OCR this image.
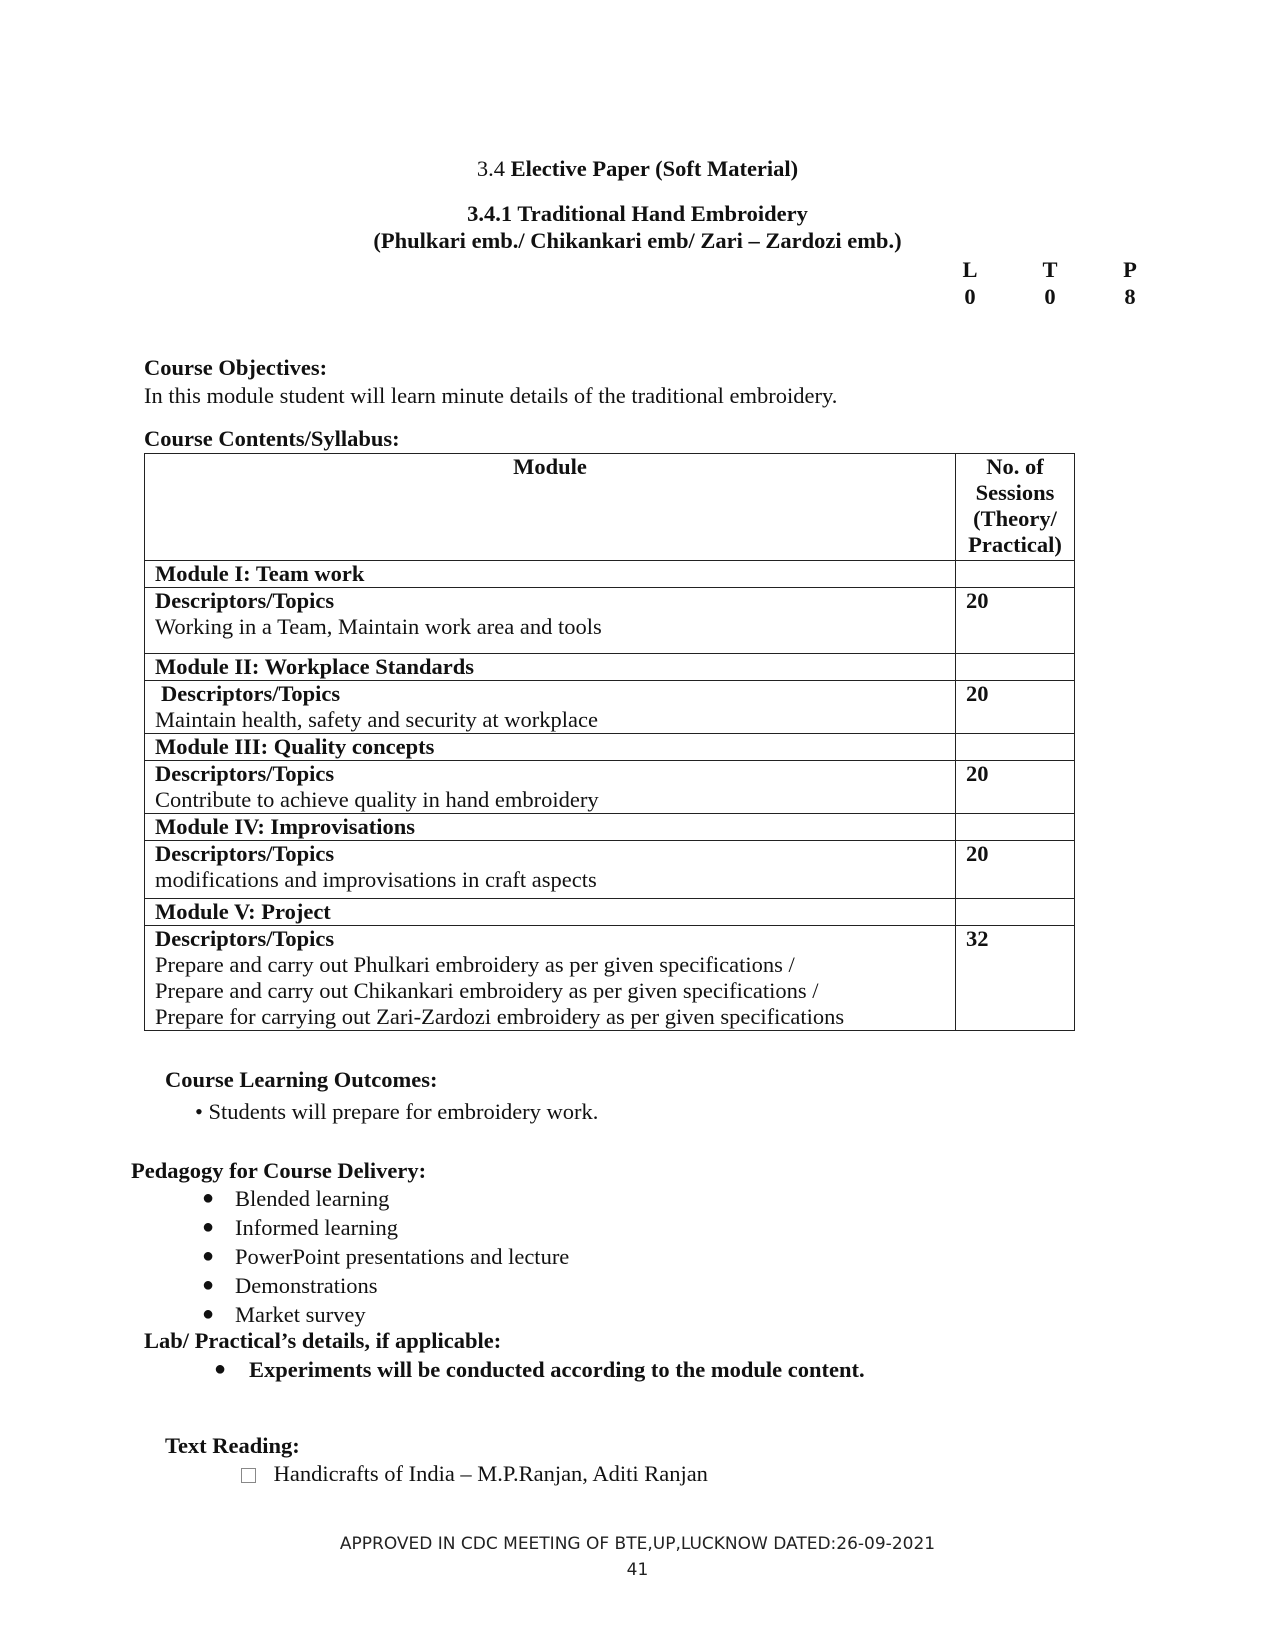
3.4 Elective Paper (Soft Material)
3.4.1 Traditional Hand Embroidery
(Phulkari emb./ Chikankari emb/ Zari – Zardozi emb.)
L	T	P
0	0	8
Course Objectives:
In this module student will learn minute details of the traditional embroidery.
Course Contents/Syllabus:
Module	No. of
Sessions
(Theory/
Practical)

Module I: Team work	

Descriptors/Topics
Working in a Team, Maintain work area and tools	20
Module II: Workplace Standards	

Descriptors/Topics
Maintain health, safety and security at workplace	20
Module III: Quality concepts	

Descriptors/Topics
Contribute to achieve quality in hand embroidery	20
Module IV: Improvisations	

Descriptors/Topics
modifications and improvisations in craft aspects	20
Module V: Project	

Descriptors/Topics
Prepare and carry out Phulkari embroidery as per given specifications /
Prepare and carry out Chikankari embroidery as per given specifications /
Prepare for carrying out Zari-Zardozi embroidery as per given specifications	32
Course Learning Outcomes:
• Students will prepare for embroidery work.
Pedagogy for Course Delivery:
● Blended learning
● Informed learning
● PowerPoint presentations and lecture
● Demonstrations
● Market survey
Lab/ Practical’s details, if applicable:
● Experiments will be conducted according to the module content.
Text Reading:
Handicrafts of India – M.P.Ranjan, Aditi Ranjan
APPROVED IN CDC MEETING OF BTE,UP,LUCKNOW DATED:26-09-2021
41
